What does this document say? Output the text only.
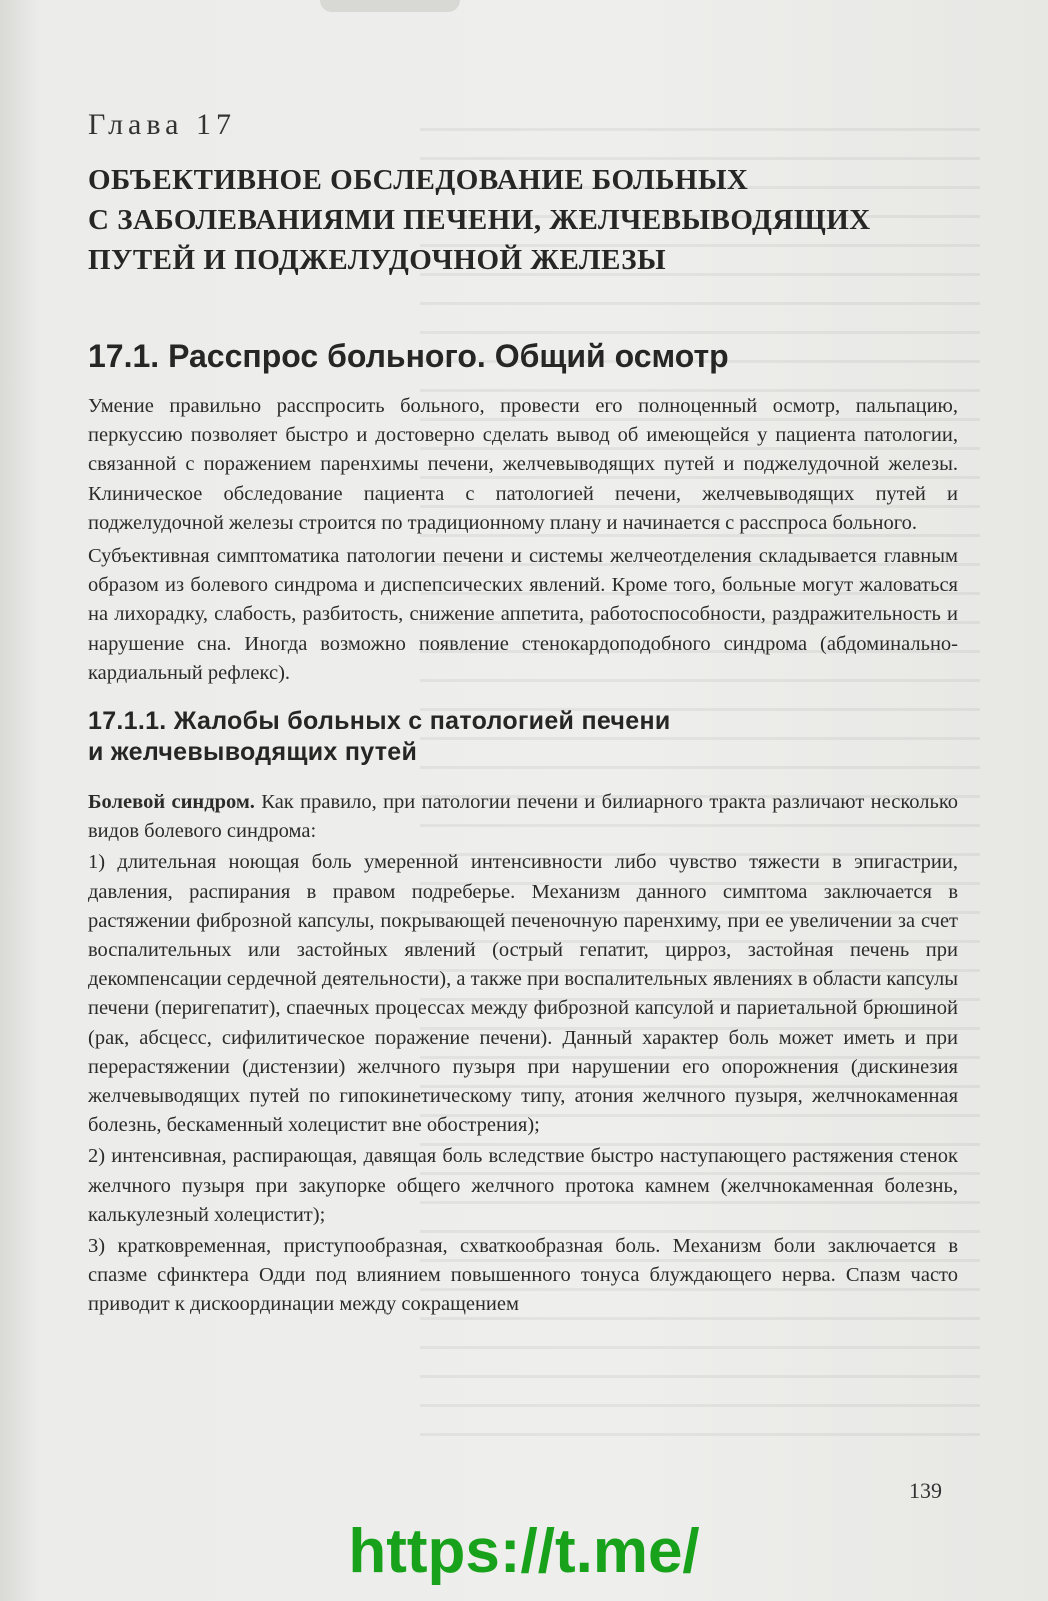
Глава 17
ОБЪЕКТИВНОЕ ОБСЛЕДОВАНИЕ БОЛЬНЫХ
С ЗАБОЛЕВАНИЯМИ ПЕЧЕНИ, ЖЕЛЧЕВЫВОДЯЩИХ
ПУТЕЙ И ПОДЖЕЛУДОЧНОЙ ЖЕЛЕЗЫ
17.1. Расспрос больного. Общий осмотр

Умение правильно расспросить больного, провести его полноценный осмотр, пальпацию, перкуссию позволяет быстро и достоверно сделать вывод об имеющейся у пациента патологии, связанной с поражением паренхимы печени, желчевыводящих путей и поджелудочной железы. Клиническое обследование пациента с патологией печени, желчевыводящих путей и поджелудочной железы строится по традиционному плану и начинается с расспроса больного.

Субъективная симптоматика патологии печени и системы желчеотделения складывается главным образом из болевого синдрома и диспепсических явлений. Кроме того, больные могут жаловаться на лихорадку, слабость, разбитость, снижение аппетита, работоспособности, раздражительность и нарушение сна. Иногда возможно появление стенокардоподобного синдрома (абдоминально-кардиальный рефлекс).

17.1.1. Жалобы больных с патологией печени
и желчевыводящих путей

Болевой синдром. Как правило, при патологии печени и билиарного тракта различают несколько видов болевого синдрома:

1) длительная ноющая боль умеренной интенсивности либо чувство тяжести в эпигастрии, давления, распирания в правом подреберье. Механизм данного симптома заключается в растяжении фиброзной капсулы, покрывающей печеночную паренхиму, при ее увеличении за счет воспалительных или застойных явлений (острый гепатит, цирроз, застойная печень при декомпенсации сердечной деятельности), а также при воспалительных явлениях в области капсулы печени (перигепатит), спаечных процессах между фиброзной капсулой и париетальной брюшиной (рак, абсцесс, сифилитическое поражение печени). Данный характер боль может иметь и при перерастяжении (дистензии) желчного пузыря при нарушении его опорожнения (дискинезия желчевыводящих путей по гипокинетическому типу, атония желчного пузыря, желчнокаменная болезнь, бескаменный холецистит вне обострения);

2) интенсивная, распирающая, давящая боль вследствие быстро наступающего растяжения стенок желчного пузыря при закупорке общего желчного протока камнем (желчнокаменная болезнь, калькулезный холецистит);

3) кратковременная, приступообразная, схваткообразная боль. Механизм боли заключается в спазме сфинктера Одди под влиянием повышенного тонуса блуждающего нерва. Спазм часто приводит к дискоординации между сокращением

139
https://t.me/
